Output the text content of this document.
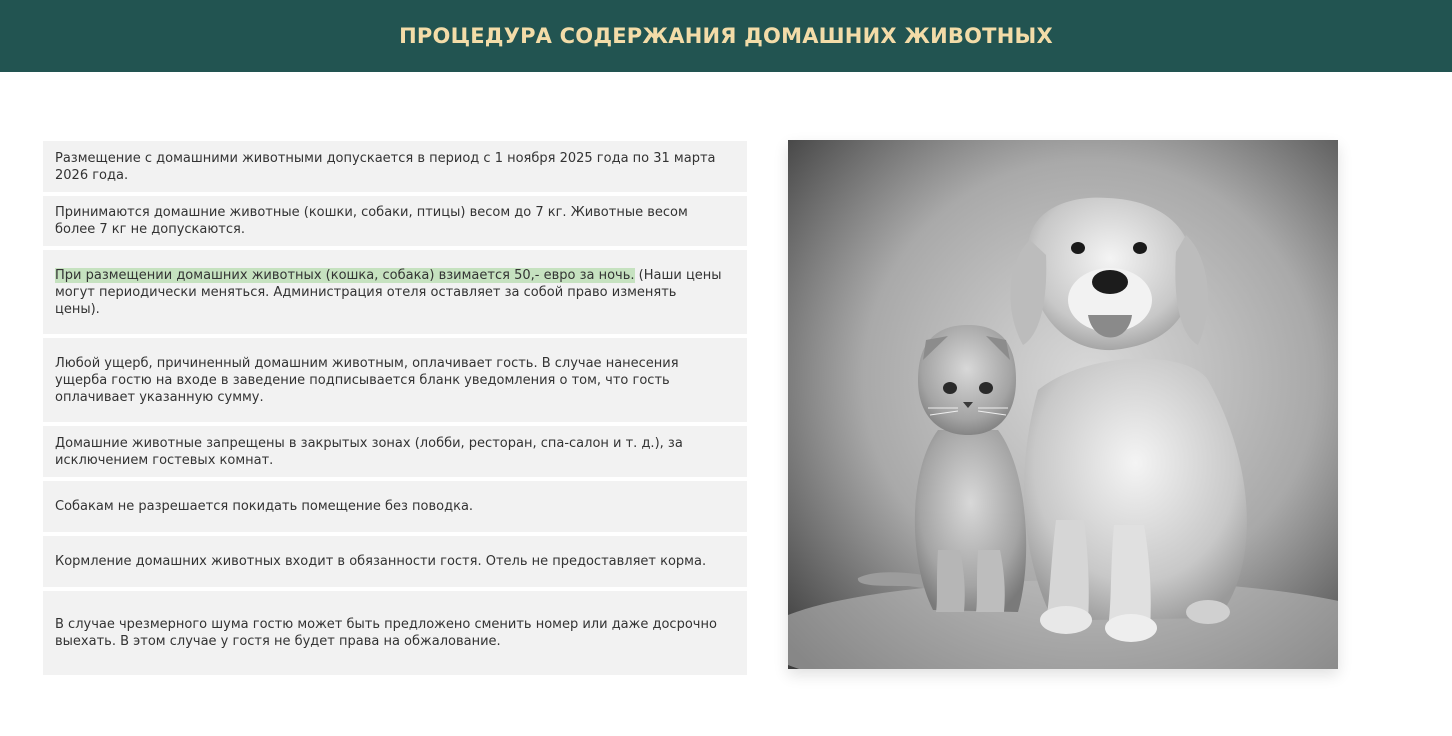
ПРОЦЕДУРА СОДЕРЖАНИЯ ДОМАШНИХ ЖИВОТНЫХ
Размещение с домашними животными допускается в период с 1 ноября 2025 года по 31 марта 2026 года.
Принимаются домашние животные (кошки, собаки, птицы) весом до 7 кг. Животные весом более 7 кг не допускаются.
При размещении домашних животных (кошка, собака) взимается 50,- евро за ночь. (Наши цены могут периодически меняться. Администрация отеля оставляет за собой право изменять цены).
Любой ущерб, причиненный домашним животным, оплачивает гость. В случае нанесения ущерба гостю на входе в заведение подписывается бланк уведомления о том, что гость оплачивает указанную сумму.
Домашние животные запрещены в закрытых зонах (лобби, ресторан, спа-салон и т. д.), за исключением гостевых комнат.
Собакам не разрешается покидать помещение без поводка.
Кормление домашних животных входит в обязанности гостя. Отель не предоставляет корма.
В случае чрезмерного шума гостю может быть предложено сменить номер или даже досрочно выехать. В этом случае у гостя не будет права на обжалование.
